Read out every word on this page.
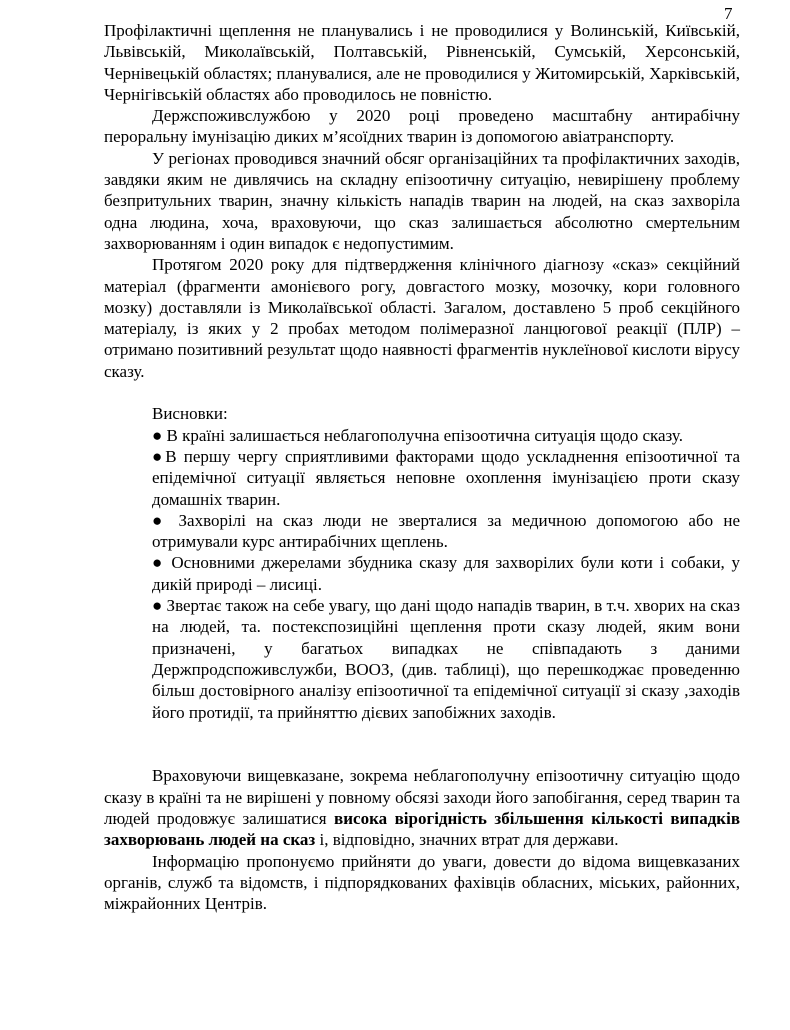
7

Профілактичні щеплення не планувались і не проводилися у Волинській, Київській, Львівській, Миколаївській, Полтавській, Рівненській, Сумській, Херсонській, Чернівецькій областях; планувалися, але не проводилися у Житомирській, Харківській, Чернігівській областях або проводилось не повністю.

Держспоживслужбою у 2020 році проведено масштабну антирабічну пероральну імунізацію диких м’ясоїдних тварин із допомогою авіатранспорту.

У регіонах проводився значний обсяг організаційних та профілактичних заходів, завдяки яким не дивлячись на складну епізоотичну ситуацію, невирішену проблему безпритульних тварин, значну кількість нападів тварин на людей, на сказ захворіла одна людина, хоча, враховуючи, що сказ залишається абсолютно смертельним захворюванням і один випадок є недопустимим.

Протягом 2020 року для підтвердження клінічного діагнозу «сказ» секційний матеріал (фрагменти амонієвого рогу, довгастого мозку, мозочку, кори головного мозку) доставляли із Миколаївської області. Загалом, доставлено 5 проб секційного матеріалу, із яких у 2 пробах методом полімеразної ланцюгової реакції (ПЛР) – отримано позитивний результат щодо наявності фрагментів нуклеїнової кислоти вірусу сказу.

Висновки:

● В країні залишається неблагополучна епізоотична ситуація щодо сказу.

●В першу чергу сприятливими факторами щодо ускладнення епізоотичної та епідемічної ситуації являється неповне охоплення імунізацією проти сказу домашніх тварин.

● Захворілі на сказ люди не зверталися за медичною допомогою або не отримували курс антирабічних щеплень.

● Основними джерелами збудника сказу для захворілих були коти і собаки, у дикій природі – лисиці.

● Звертає також на себе увагу, що дані щодо нападів тварин, в т.ч. хворих на сказ на людей, та. постекспозиційні щеплення проти сказу людей, яким вони призначені, у багатьох випадках не співпадають з даними Держпродспоживслужби, ВООЗ, (див. таблиці), що перешкоджає проведенню більш достовірного аналізу епізоотичної та епідемічної ситуації зі сказу ,заходів його протидії, та прийняттю дієвих запобіжних заходів.

Враховуючи вищевказане, зокрема неблагополучну епізоотичну ситуацію щодо сказу в країні та не вирішені у повному обсязі заходи його запобігання, серед тварин та людей продовжує залишатися висока вірогідність збільшення кількості випадків захворювань людей на сказ і, відповідно, значних втрат для держави.

Інформацію пропонуємо прийняти до уваги, довести до відома вищевказаних органів, служб та відомств, і підпорядкованих фахівців обласних, міських, районних, міжрайонних Центрів.
